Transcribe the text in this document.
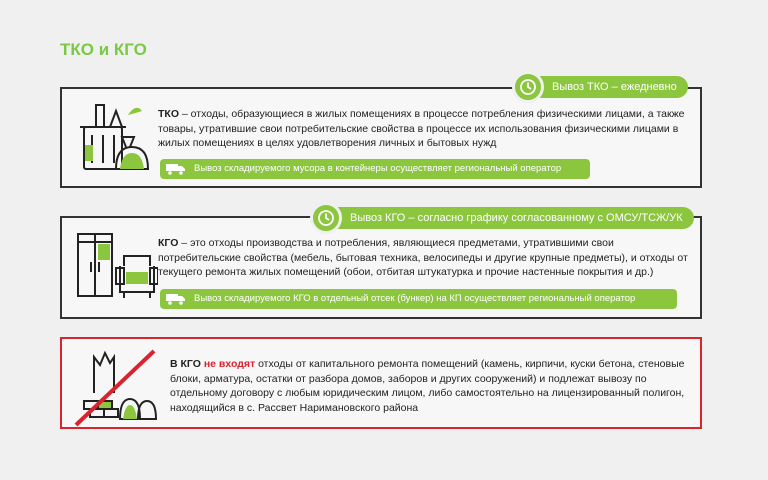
ТКО и КГО
ТКО – отходы, образующиеся в жилых помещениях в процессе потребления физическими лицами, а также товары, утратившие свои потребительские свойства в процессе их использования физическими лицами в жилых помещениях в целях удовлетворения личных и бытовых нужд
Вывоз ТКО – ежедневно
Вывоз складируемого мусора в контейнеры осуществляет региональный оператор
КГО – это отходы производства и потребления, являющиеся предметами, утратившими свои потребительские свойства (мебель, бытовая техника, велосипеды и другие крупные предметы), и отходы от текущего ремонта жилых помещений (обои, отбитая штукатурка и прочие настенные покрытия и др.)
Вывоз КГО – согласно графику согласованному с ОМСУ/ТСЖ/УК
Вывоз складируемого КГО в отдельный отсек (бункер) на КП осуществляет региональный оператор
В КГО не входят отходы от капитального ремонта помещений (камень, кирпичи, куски бетона, стеновые блоки, арматура, остатки от разбора домов, заборов и других сооружений) и подлежат вывозу по отдельному договору с любым юридическим лицом, либо самостоятельно на лицензированный полигон, находящийся в с. Рассвет Наримановского района
